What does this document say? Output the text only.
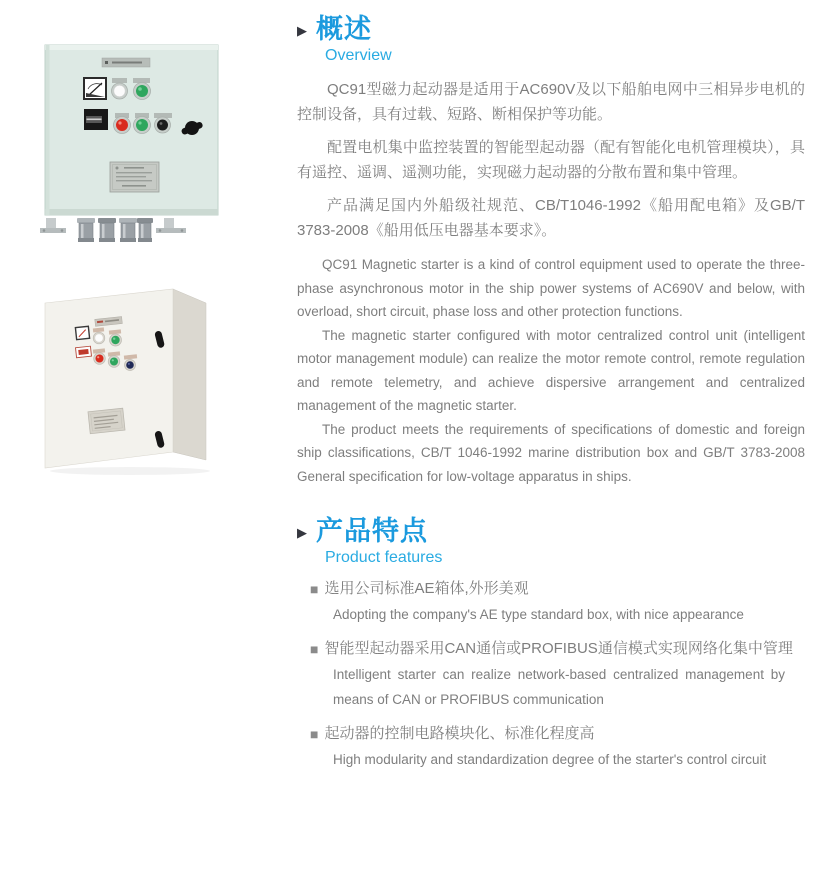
▶ 概述
Overview

QC91型磁力起动器是适用于AC690V及以下船舶电网中三相异步电机的控制设备，具有过载、短路、断相保护等功能。

配置电机集中监控装置的智能型起动器（配有智能化电机管理模块），具有遥控、遥调、遥测功能，实现磁力起动器的分散布置和集中管理。

产品满足国内外船级社规范、CB/T1046-1992《船用配电箱》及GB/T 3783-2008《船用低压电器基本要求》。

QC91 Magnetic starter is a kind of control equipment used to operate the three-phase asynchronous motor in the ship power systems of AC690V and below, with overload, short circuit, phase loss and other protection functions.

The magnetic starter configured with motor centralized control unit (intelligent motor management module) can realize the motor remote control, remote regulation and remote telemetry, and achieve dispersive arrangement and centralized management of the magnetic starter.

The product meets the requirements of specifications of domestic and foreign ship classifications, CB/T 1046-1992 marine distribution box and GB/T 3783-2008 General specification for low-voltage apparatus in ships.

▶ 产品特点
Product features
■ 选用公司标准AE箱体,外形美观
Adopting the company's AE type standard box, with nice appearance
■ 智能型起动器采用CAN通信或PROFIBUS通信模式实现网络化集中管理
Intelligent starter can realize network-based centralized management by means of CAN or PROFIBUS communication
■ 起动器的控制电路模块化、标准化程度高
High modularity and standardization degree of the starter's control circuit
